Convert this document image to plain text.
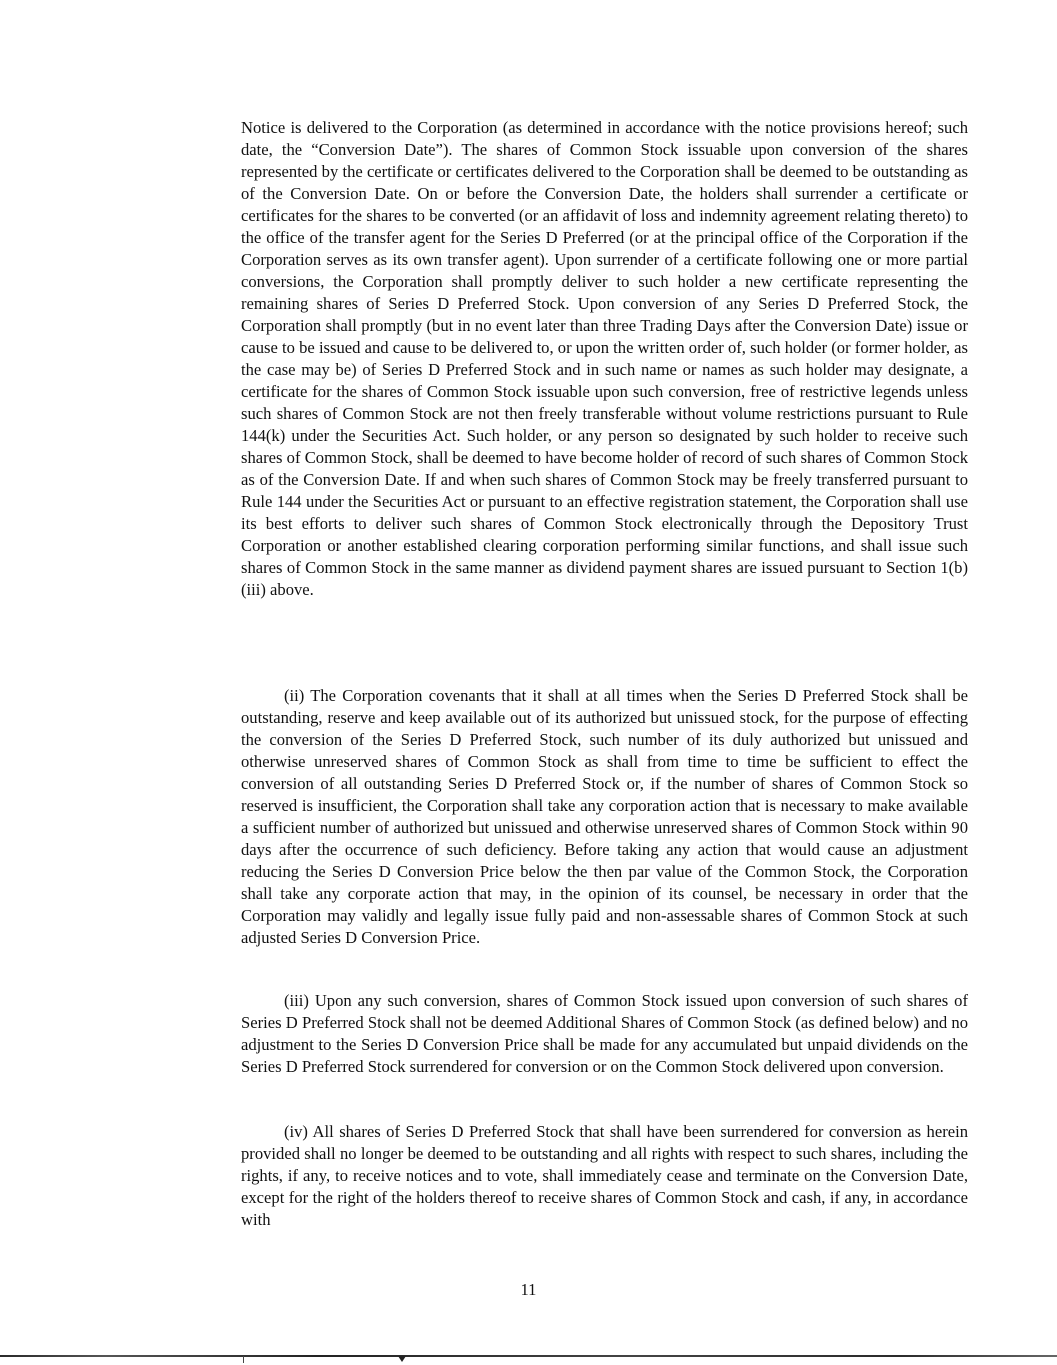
Notice is delivered to the Corporation (as determined in accordance with the notice provisions hereof; such date, the “Conversion Date”). The shares of Common Stock issuable upon conversion of the shares represented by the certificate or certificates delivered to the Corporation shall be deemed to be outstanding as of the Conversion Date. On or before the Conversion Date, the holders shall surrender a certificate or certificates for the shares to be converted (or an affidavit of loss and indemnity agreement relating thereto) to the office of the transfer agent for the Series D Preferred (or at the principal office of the Corporation if the Corporation serves as its own transfer agent). Upon surrender of a certificate following one or more partial conversions, the Corporation shall promptly deliver to such holder a new certificate representing the remaining shares of Series D Preferred Stock. Upon conversion of any Series D Preferred Stock, the Corporation shall promptly (but in no event later than three Trading Days after the Conversion Date) issue or cause to be issued and cause to be delivered to, or upon the written order of, such holder (or former holder, as the case may be) of Series D Preferred Stock and in such name or names as such holder may designate, a certificate for the shares of Common Stock issuable upon such conversion, free of restrictive legends unless such shares of Common Stock are not then freely transferable without volume restrictions pursuant to Rule 144(k) under the Securities Act. Such holder, or any person so designated by such holder to receive such shares of Common Stock, shall be deemed to have become holder of record of such shares of Common Stock as of the Conversion Date. If and when such shares of Common Stock may be freely transferred pursuant to Rule 144 under the Securities Act or pursuant to an effective registration statement, the Corporation shall use its best efforts to deliver such shares of Common Stock electronically through the Depository Trust Corporation or another established clearing corporation performing similar functions, and shall issue such shares of Common Stock in the same manner as dividend payment shares are issued pursuant to Section 1(b)(iii) above.

(ii) The Corporation covenants that it shall at all times when the Series D Preferred Stock shall be outstanding, reserve and keep available out of its authorized but unissued stock, for the purpose of effecting the conversion of the Series D Preferred Stock, such number of its duly authorized but unissued and otherwise unreserved shares of Common Stock as shall from time to time be sufficient to effect the conversion of all outstanding Series D Preferred Stock or, if the number of shares of Common Stock so reserved is insufficient, the Corporation shall take any corporation action that is necessary to make available a sufficient number of authorized but unissued and otherwise unreserved shares of Common Stock within 90 days after the occurrence of such deficiency. Before taking any action that would cause an adjustment reducing the Series D Conversion Price below the then par value of the Common Stock, the Corporation shall take any corporate action that may, in the opinion of its counsel, be necessary in order that the Corporation may validly and legally issue fully paid and non-assessable shares of Common Stock at such adjusted Series D Conversion Price.

(iii) Upon any such conversion, shares of Common Stock issued upon conversion of such shares of Series D Preferred Stock shall not be deemed Additional Shares of Common Stock (as defined below) and no adjustment to the Series D Conversion Price shall be made for any accumulated but unpaid dividends on the Series D Preferred Stock surrendered for conversion or on the Common Stock delivered upon conversion.

(iv) All shares of Series D Preferred Stock that shall have been surrendered for conversion as herein provided shall no longer be deemed to be outstanding and all rights with respect to such shares, including the rights, if any, to receive notices and to vote, shall immediately cease and terminate on the Conversion Date, except for the right of the holders thereof to receive shares of Common Stock and cash, if any, in accordance with

11
